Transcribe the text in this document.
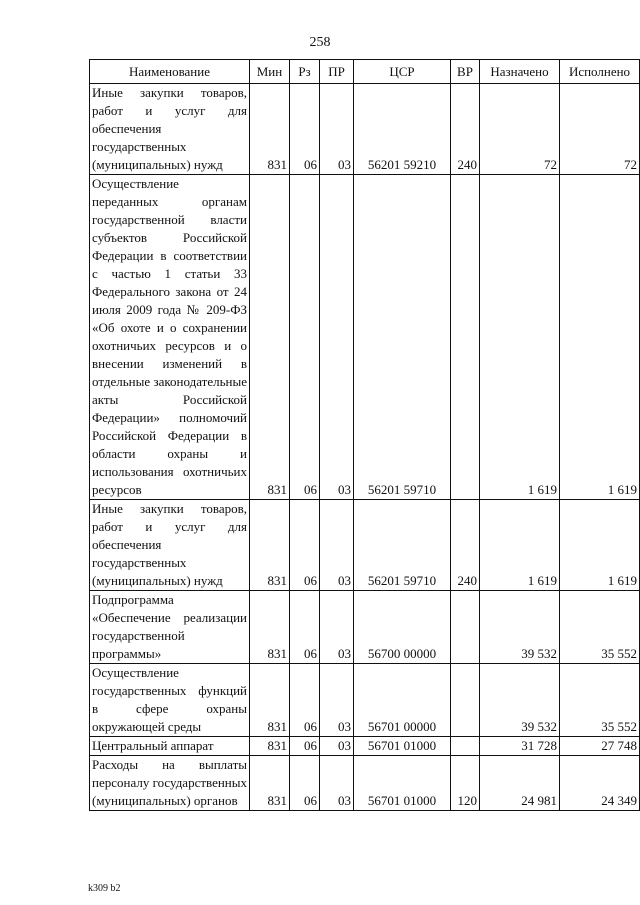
258
Наименование	Мин	Рз	ПР	ЦСР	ВР	Назначено	Исполнено
Иные закупки товаров, работ и услуг для обеспечения государственных (муниципальных) нужд	831	06	03	56201 59210	240	72	72
Осуществление переданных органам государственной власти субъектов Российской Федерации в соответствии с частью 1 статьи 33 Федерального закона от 24 июля 2009 года № 209-ФЗ «Об охоте и о сохранении охотничьих ресурсов и о внесении изменений в отдельные законодательные акты Российской Федерации» полномочий Российской Федерации в области охраны и использования охотничьих ресурсов	831	06	03	56201 59710		1 619	1 619
Иные закупки товаров, работ и услуг для обеспечения государственных (муниципальных) нужд	831	06	03	56201 59710	240	1 619	1 619
Подпрограмма «Обеспечение реализации государственной программы»	831	06	03	56700 00000		39 532	35 552
Осуществление государственных функций в сфере охраны окружающей среды	831	06	03	56701 00000		39 532	35 552
Центральный аппарат	831	06	03	56701 01000		31 728	27 748
Расходы на выплаты персоналу государственных (муниципальных) органов	831	06	03	56701 01000	120	24 981	24 349
k309 b2
